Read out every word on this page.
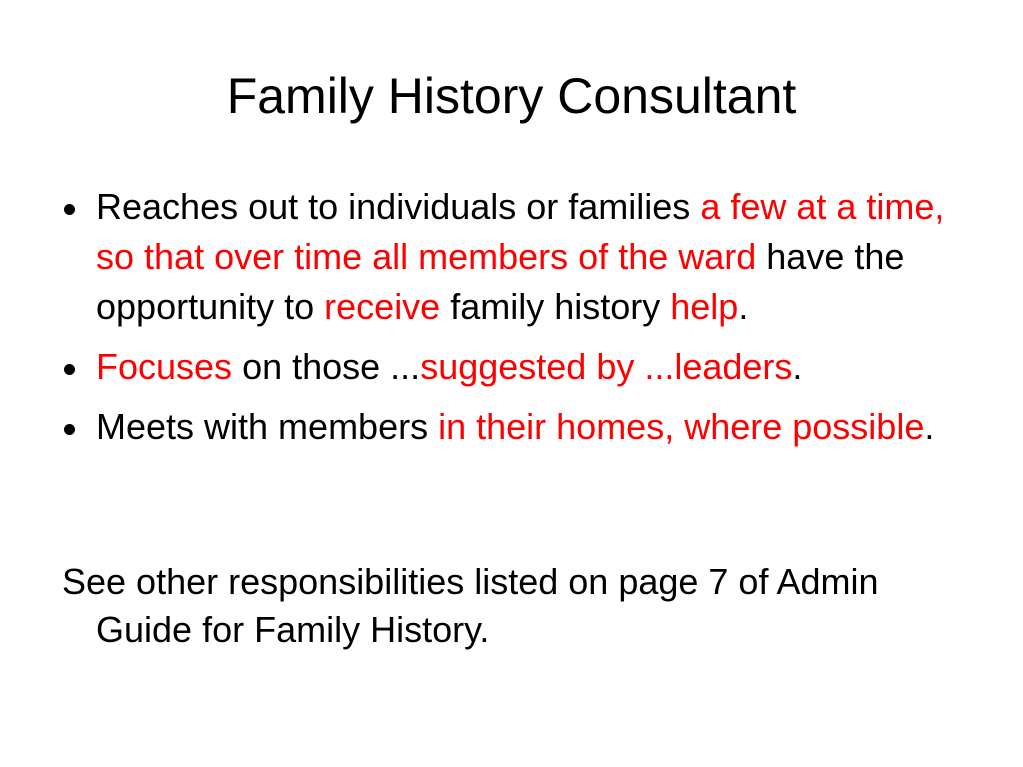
Family History Consultant
Reaches out to individuals or families a few at a time, so that over time all members of the ward have the opportunity to receive family history help.
Focuses on those ...suggested by ...leaders.
Meets with members in their homes, where possible.

See other responsibilities listed on page 7 of Admin Guide for Family History.
